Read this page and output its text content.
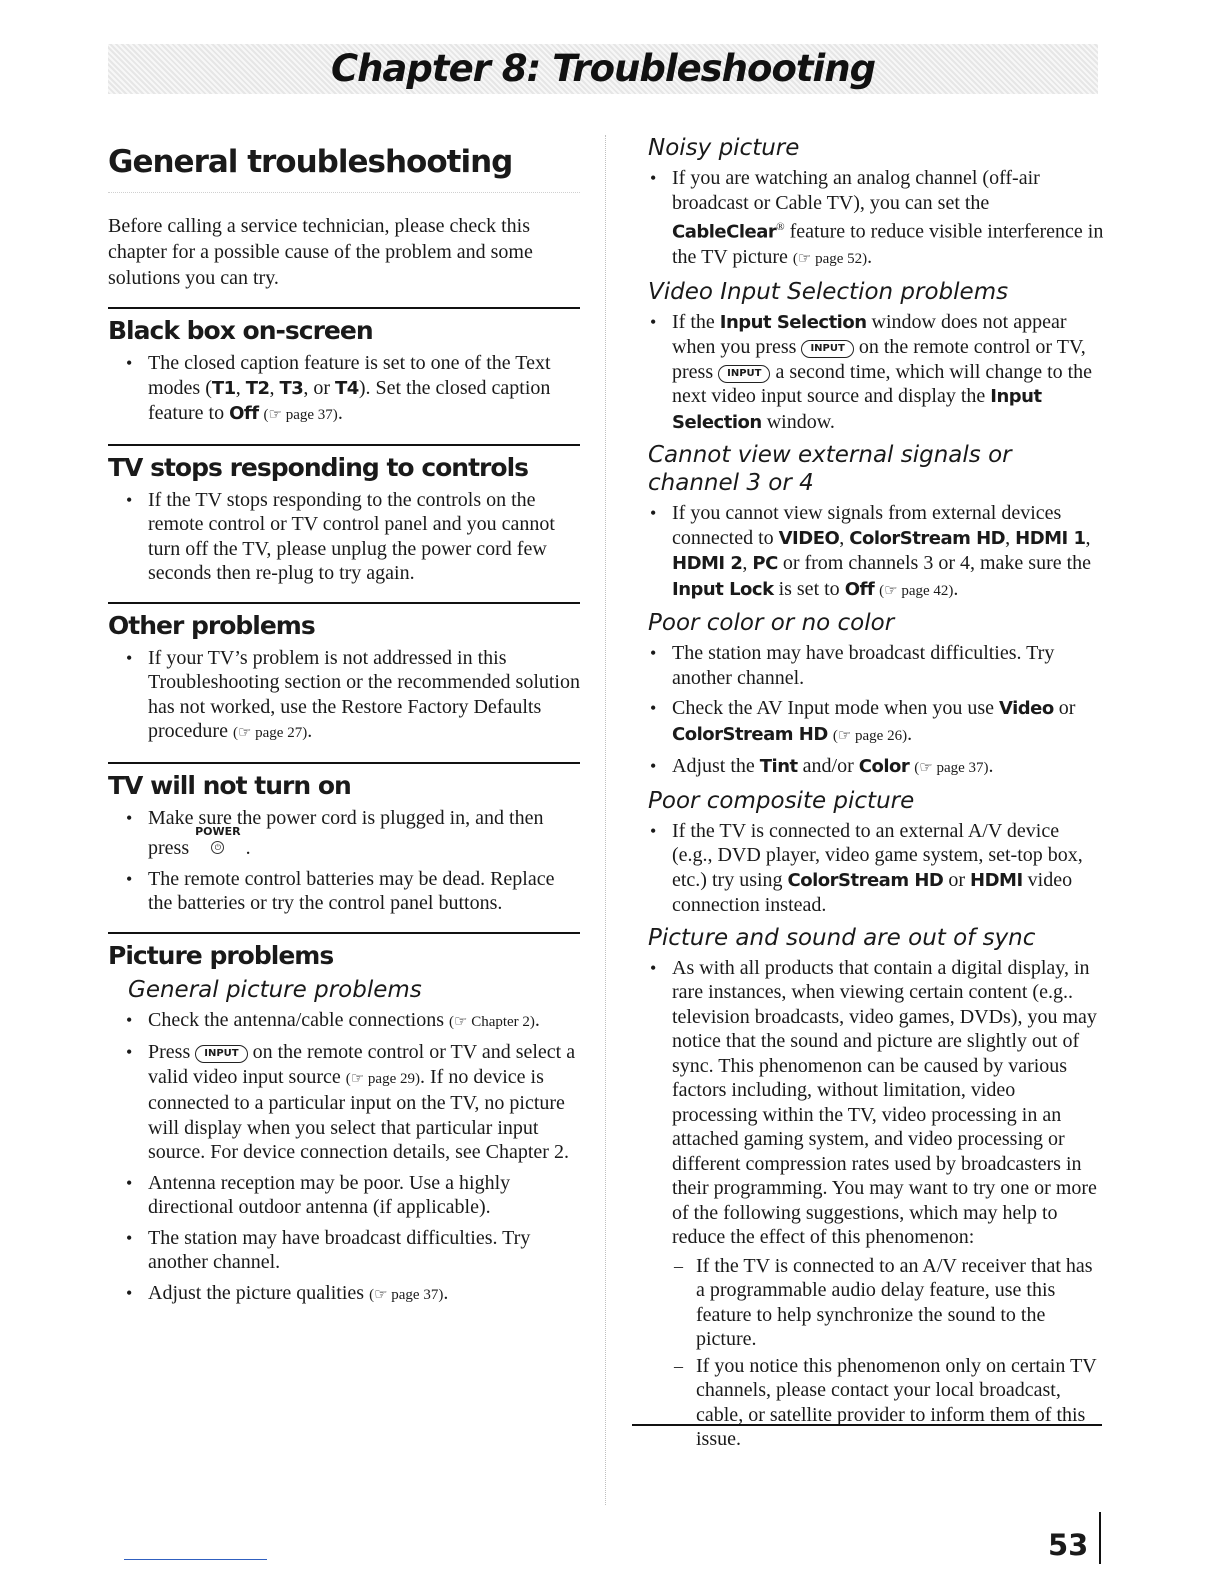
Chapter 8: Troubleshooting
General troubleshooting

Before calling a service technician, please check this chapter for a possible cause of the problem and some solutions you can try.

Black box on-screen
• The closed caption feature is set to one of the Text modes (T1, T2, T3, or T4). Set the closed caption feature to Off (☞ page 37).
TV stops responding to controls
• If the TV stops responding to the controls on the remote control or TV control panel and you cannot turn off the TV, please unplug the power cord few seconds then re-plug to try again.
Other problems
• If your TV’s problem is not addressed in this Troubleshooting section or the recommended solution has not worked, use the Restore Factory Defaults procedure (☞ page 27).
TV will not turn on
• Make sure the power cord is plugged in, and then press
POWER
⏻ .
• The remote control batteries may be dead. Replace the batteries or try the control panel buttons.
Picture problems
General picture problems
• Check the antenna/cable connections (☞ Chapter 2).
• Press INPUT on the remote control or TV and select a valid video input source (☞ page 29). If no device is connected to a particular input on the TV, no picture will display when you select that particular input source. For device connection details, see Chapter 2.
• Antenna reception may be poor. Use a highly directional outdoor antenna (if applicable).
• The station may have broadcast difficulties. Try another channel.
• Adjust the picture qualities (☞ page 37).
Noisy picture
• If you are watching an analog channel (off-air broadcast or Cable TV), you can set the CableClear® feature to reduce visible interference in the TV picture (☞ page 52).
Video Input Selection problems
• If the Input Selection window does not appear when you press INPUT on the remote control or TV, press INPUT a second time, which will change to the next video input source and display the Input Selection window.
Cannot view external signals or channel 3 or 4
• If you cannot view signals from external devices connected to VIDEO, ColorStream HD, HDMI 1, HDMI 2, PC or from channels 3 or 4, make sure the Input Lock is set to Off (☞ page 42).
Poor color or no color
• The station may have broadcast difficulties. Try another channel.
• Check the AV Input mode when you use Video or ColorStream HD (☞ page 26).
• Adjust the Tint and/or Color (☞ page 37).
Poor composite picture
• If the TV is connected to an external A/V device (e.g., DVD player, video game system, set-top box, etc.) try using ColorStream HD or HDMI video connection instead.
Picture and sound are out of sync
• As with all products that contain a digital display, in rare instances, when viewing certain content (e.g.. television broadcasts, video games, DVDs), you may notice that the sound and picture are slightly out of sync. This phenomenon can be caused by various factors including, without limitation, video processing within the TV, video processing in an attached gaming system, and video processing or different compression rates used by broadcasters in their programming. You may want to try one or more of the following suggestions, which may help to reduce the effect of this phenomenon:
– If the TV is connected to an A/V receiver that has a programmable audio delay feature, use this feature to help synchronize the sound to the picture.
– If you notice this phenomenon only on certain TV channels, please contact your local broadcast, cable, or satellite provider to inform them of this issue.
53
